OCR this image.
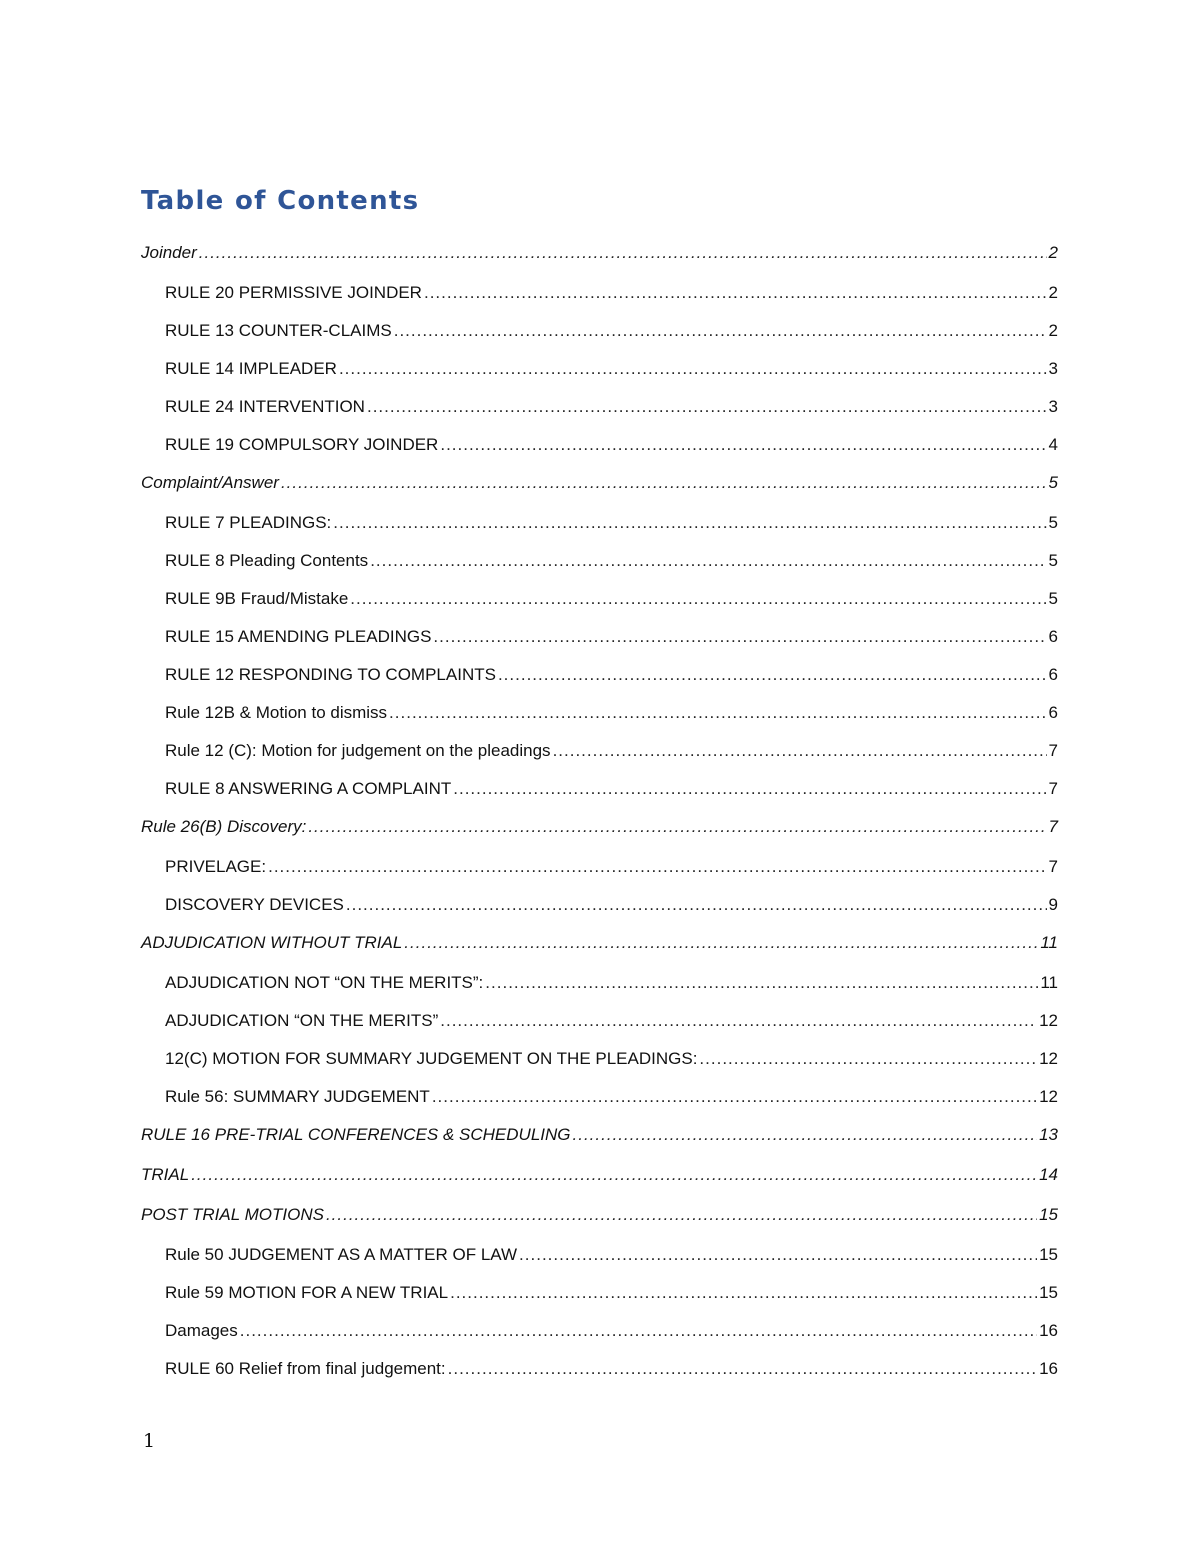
Table of Contents
Joinder .....	2
RULE 20 PERMISSIVE JOINDER .....	2
RULE 13 COUNTER-CLAIMS .....	2
RULE 14 IMPLEADER .....	3
RULE 24 INTERVENTION .....	3
RULE 19 COMPULSORY JOINDER .....	4
Complaint/Answer .....	5
RULE 7 PLEADINGS: .....	5
RULE 8 Pleading Contents .....	5
RULE 9B Fraud/Mistake .....	5
RULE 15 AMENDING PLEADINGS .....	6
RULE 12 RESPONDING TO COMPLAINTS .....	6
Rule 12B & Motion to dismiss .....	6
Rule 12 (C): Motion for judgement on the pleadings .....	7
RULE 8 ANSWERING A COMPLAINT .....	7
Rule 26(B) Discovery: .....	7
PRIVELAGE: .....	7
DISCOVERY DEVICES .....	9
ADJUDICATION WITHOUT TRIAL .....	11
ADJUDICATION NOT “ON THE MERITS”: .....	11
ADJUDICATION “ON THE MERITS” .....	12
12(C) MOTION FOR SUMMARY JUDGEMENT ON THE PLEADINGS: .....	12
Rule 56: SUMMARY JUDGEMENT .....	12
RULE 16 PRE-TRIAL CONFERENCES & SCHEDULING .....	13
TRIAL .....	14
POST TRIAL MOTIONS .....	15
Rule 50 JUDGEMENT AS A MATTER OF LAW .....	15
Rule 59 MOTION FOR A NEW TRIAL .....	15
Damages .....	16
RULE 60 Relief from final judgement: .....	16
1
